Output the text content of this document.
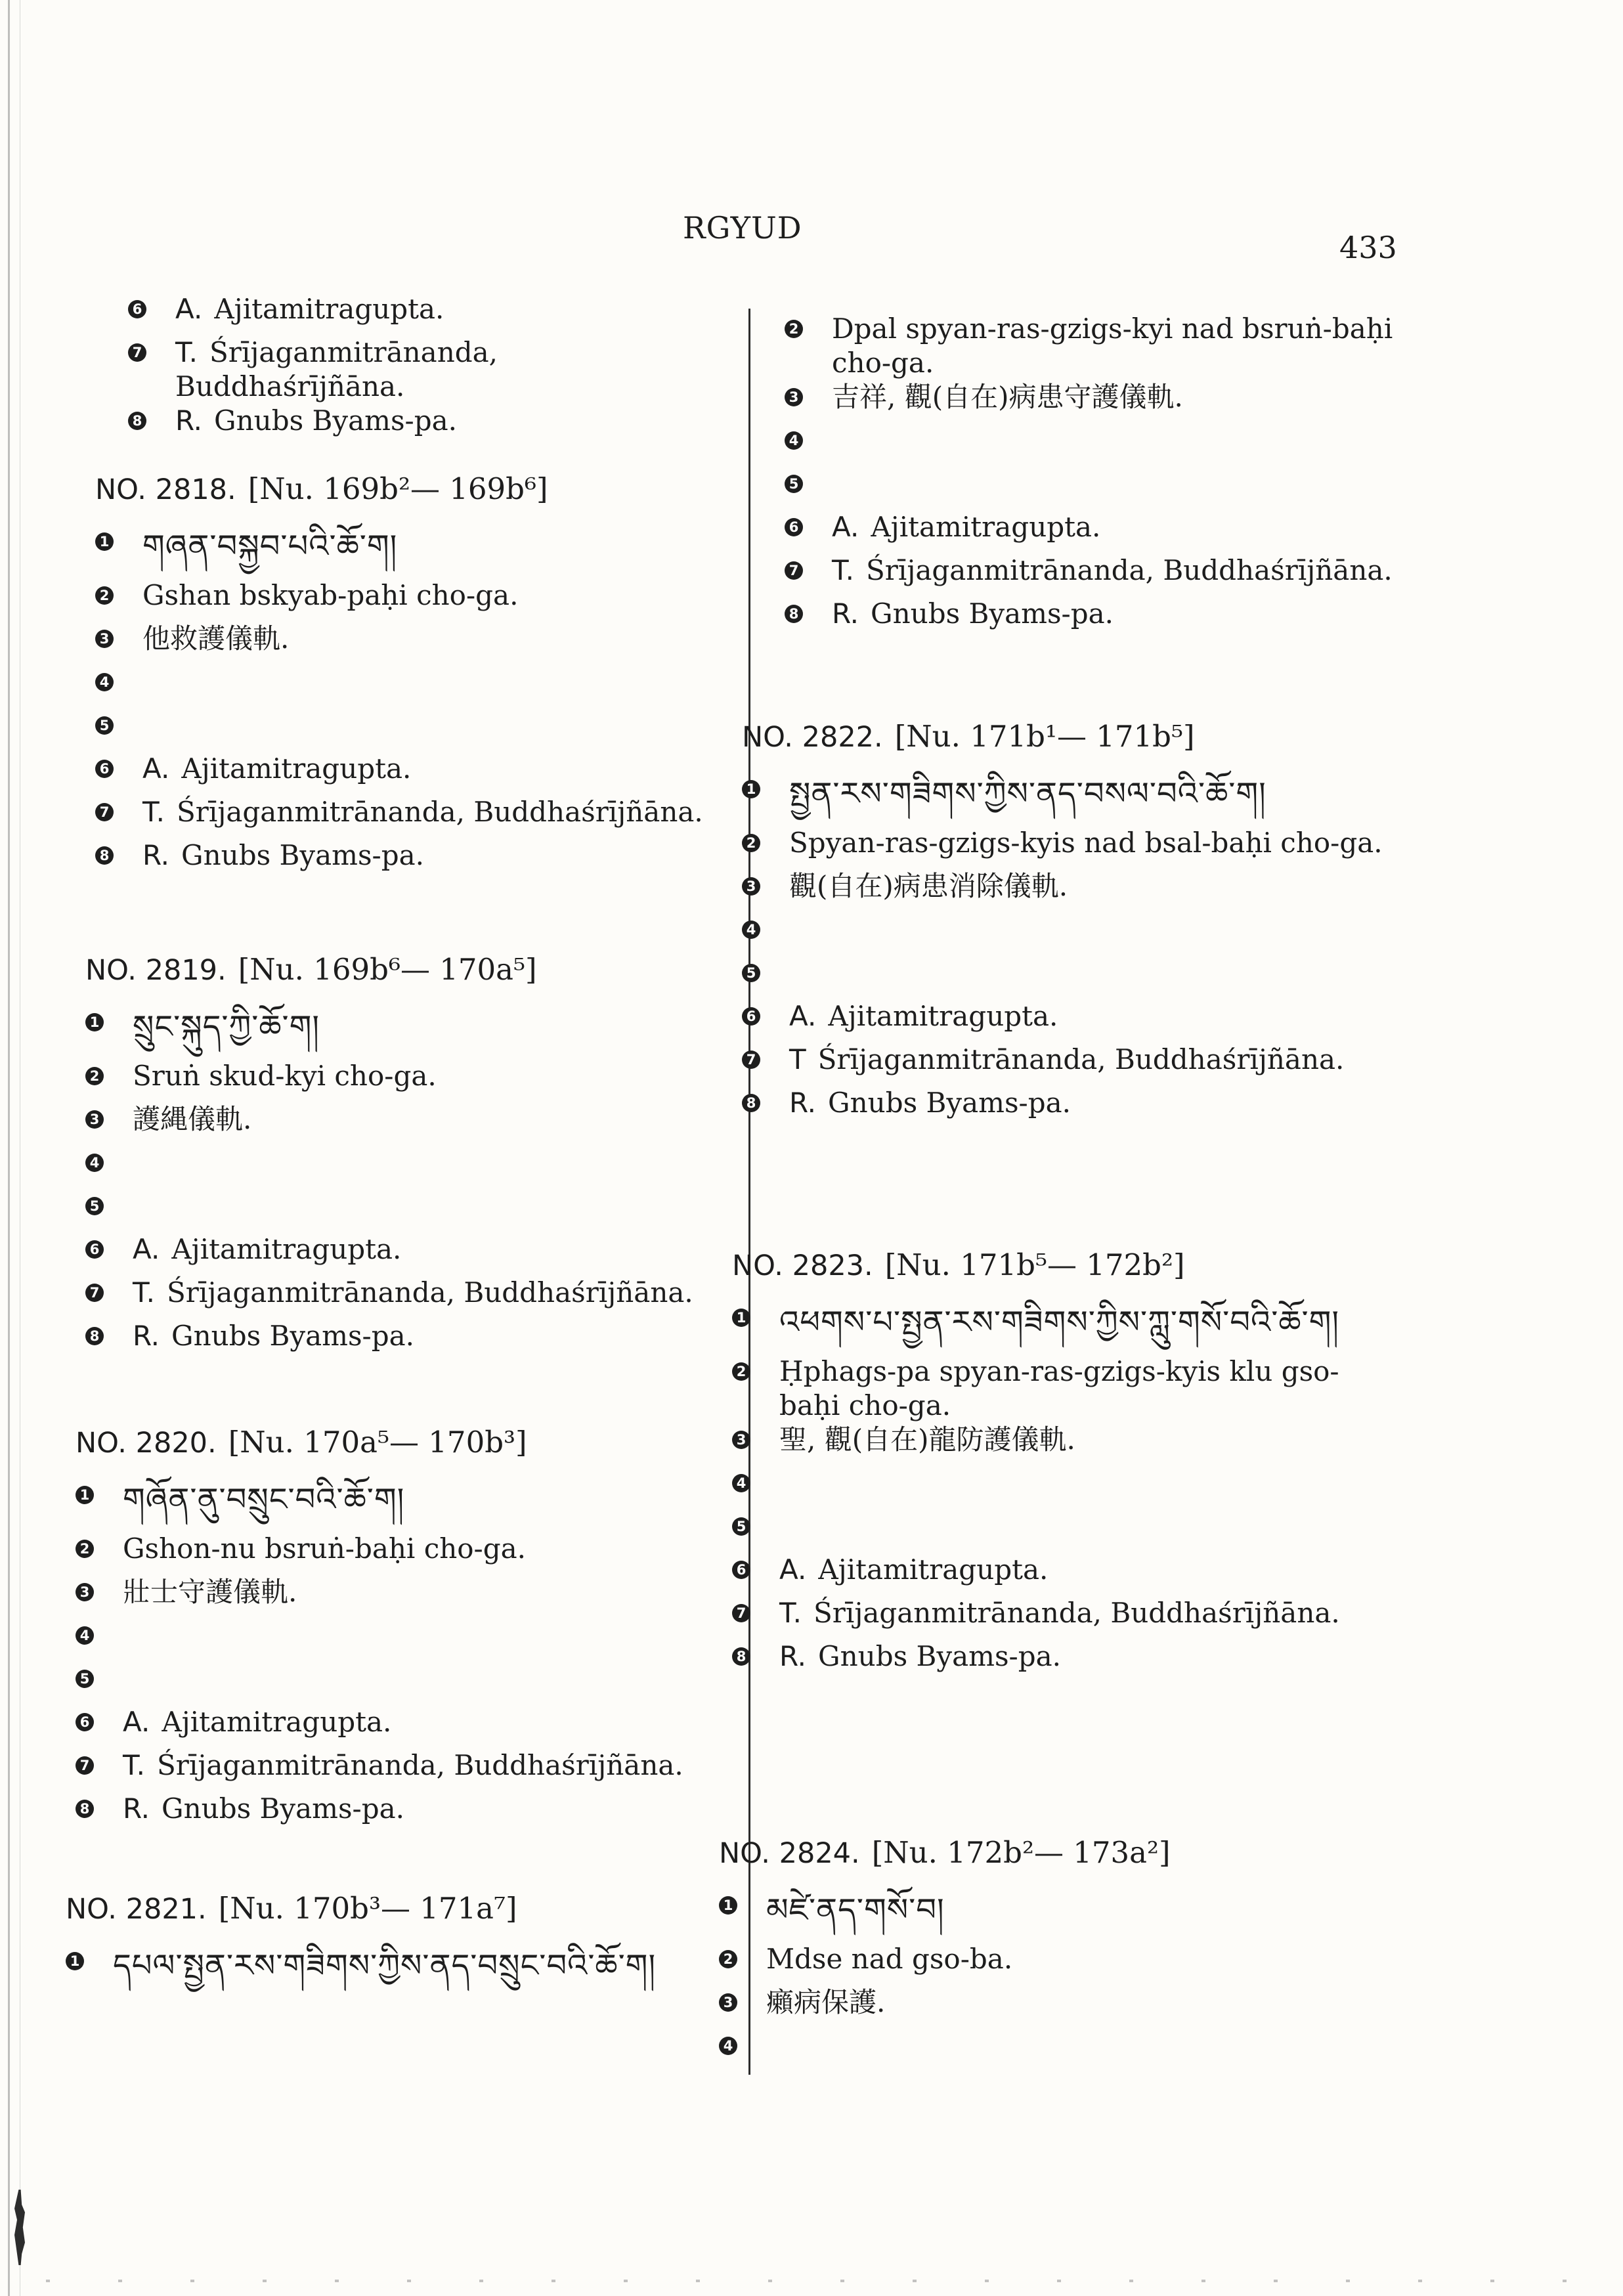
RGYUD
433
6 A. Ajitamitragupta.
7 T. Śrījaganmitrānanda, Buddhaśrījñāna.
8 R. Gnubs Byams-pa.
NO. 2818. [Nu. 169b²— 169b⁶]
1 གཞན་བསྐྱབ་པའི་ཆོ་ག།
2 Gshan bskyab-paḥi cho-ga.
3 他救護儀軌.
4
5
6 A. Ajitamitragupta.
7 T. Śrījaganmitrānanda, Buddhaśrījñāna.
8 R. Gnubs Byams-pa.
NO. 2819. [Nu. 169b⁶— 170a⁵]
1 སྲུང་སྐུད་ཀྱི་ཆོ་ག།
2 Sruṅ skud-kyi cho-ga.
3 護縄儀軌.
4
5
6 A. Ajitamitragupta.
7 T. Śrījaganmitrānanda, Buddhaśrījñāna.
8 R. Gnubs Byams-pa.
NO. 2820. [Nu. 170a⁵— 170b³]
1 གཞོན་ནུ་བསྲུང་བའི་ཆོ་ག།
2 Gshon-nu bsruṅ-baḥi cho-ga.
3 壯士守護儀軌.
4
5
6 A. Ajitamitragupta.
7 T. Śrījaganmitrānanda, Buddhaśrījñāna.
8 R. Gnubs Byams-pa.
NO. 2821. [Nu. 170b³— 171a⁷]
1 དཔལ་སྤྱན་རས་གཟིགས་ཀྱིས་ནད་བསྲུང་བའི་ཆོ་ག།
2 Dpal spyan-ras-gzigs-kyi nad bsruṅ-baḥi cho-ga.
3 吉祥, 觀(自在)病患守護儀軌.
4
5
6 A. Ajitamitragupta.
7 T. Śrījaganmitrānanda, Buddhaśrījñāna.
8 R. Gnubs Byams-pa.
NO. 2822. [Nu. 171b¹— 171b⁵]
1 སྤྱན་རས་གཟིགས་ཀྱིས་ནད་བསལ་བའི་ཆོ་ག།
2 Spyan-ras-gzigs-kyis nad bsal-baḥi cho-ga.
3 觀(自在)病患消除儀軌.
4
5
6 A. Ajitamitragupta.
7 T Śrījaganmitrānanda, Buddhaśrījñāna.
8 R. Gnubs Byams-pa.
NO. 2823. [Nu. 171b⁵— 172b²]
1 འཕགས་པ་སྤྱན་རས་གཟིགས་ཀྱིས་ཀླུ་གསོ་བའི་ཆོ་ག།
2 Ḥphags-pa spyan-ras-gzigs-kyis klu gso-baḥi cho-ga.
3 聖, 觀(自在)龍防護儀軌.
4
5
6 A. Ajitamitragupta.
7 T. Śrījaganmitrānanda, Buddhaśrījñāna.
8 R. Gnubs Byams-pa.
NO. 2824. [Nu. 172b²— 173a²]
1 མཛེ་ནད་གསོ་བ།
2 Mdse nad gso-ba.
3 癩病保護.
4
